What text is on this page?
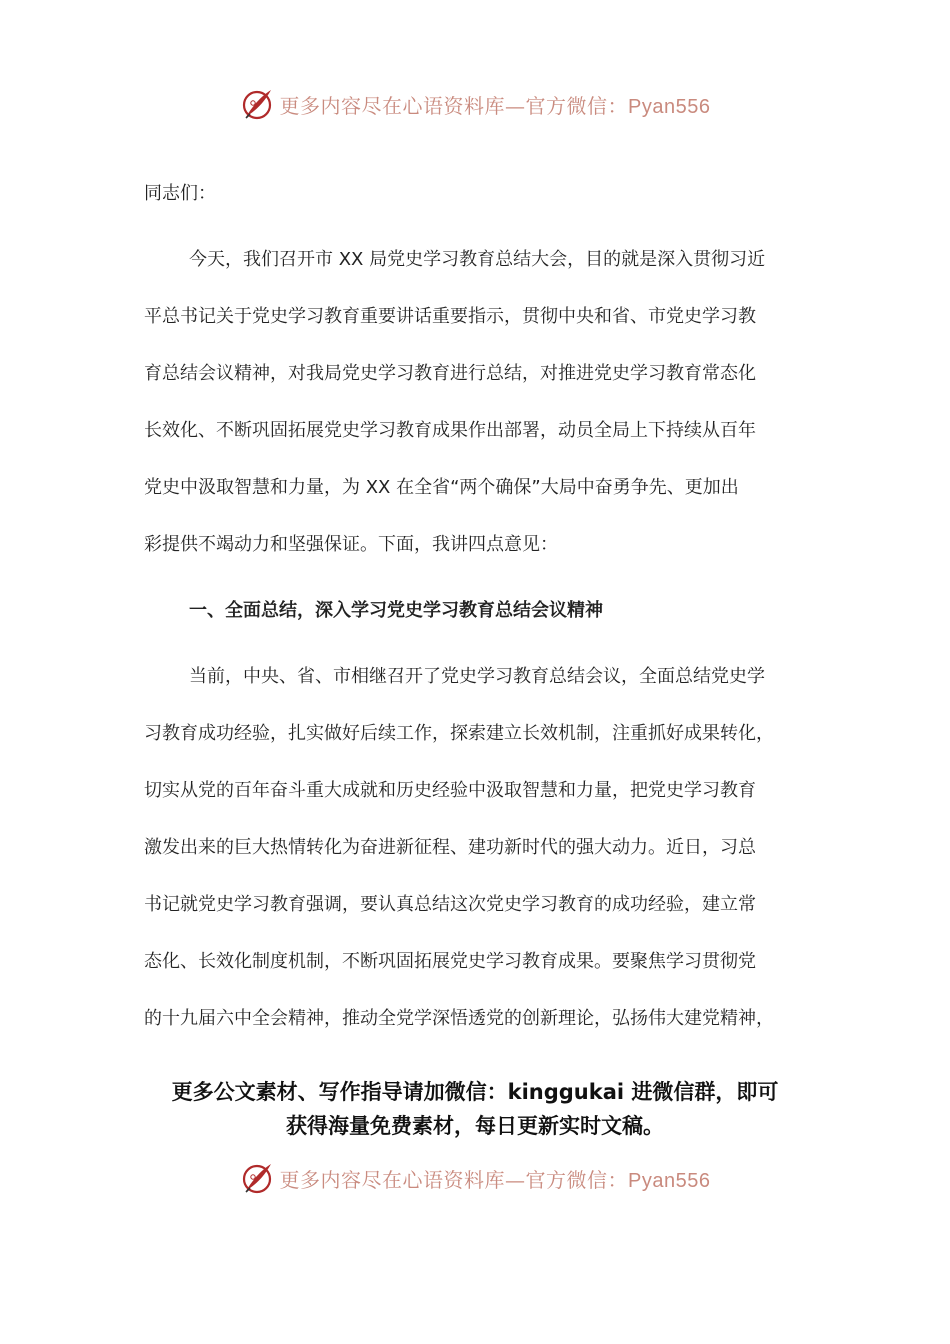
更多内容尽在心语资料库—官方微信：Pyan556
同志们：
今天，我们召开市 XX 局党史学习教育总结大会，目的就是深入贯彻习近
平总书记关于党史学习教育重要讲话重要指示，贯彻中央和省、市党史学习教
育总结会议精神，对我局党史学习教育进行总结，对推进党史学习教育常态化
长效化、不断巩固拓展党史学习教育成果作出部署，动员全局上下持续从百年
党史中汲取智慧和力量，为 XX 在全省“两个确保”大局中奋勇争先、更加出
彩提供不竭动力和坚强保证。下面，我讲四点意见：
一、全面总结，深入学习党史学习教育总结会议精神
当前，中央、省、市相继召开了党史学习教育总结会议，全面总结党史学
习教育成功经验，扎实做好后续工作，探索建立长效机制，注重抓好成果转化，
切实从党的百年奋斗重大成就和历史经验中汲取智慧和力量，把党史学习教育
激发出来的巨大热情转化为奋进新征程、建功新时代的强大动力。近日，习总
书记就党史学习教育强调，要认真总结这次党史学习教育的成功经验，建立常
态化、长效化制度机制，不断巩固拓展党史学习教育成果。要聚焦学习贯彻党
的十九届六中全会精神，推动全党学深悟透党的创新理论，弘扬伟大建党精神，
更多公文素材、写作指导请加微信：kinggukai 进微信群，即可
获得海量免费素材，每日更新实时文稿。
更多内容尽在心语资料库—官方微信：Pyan556
